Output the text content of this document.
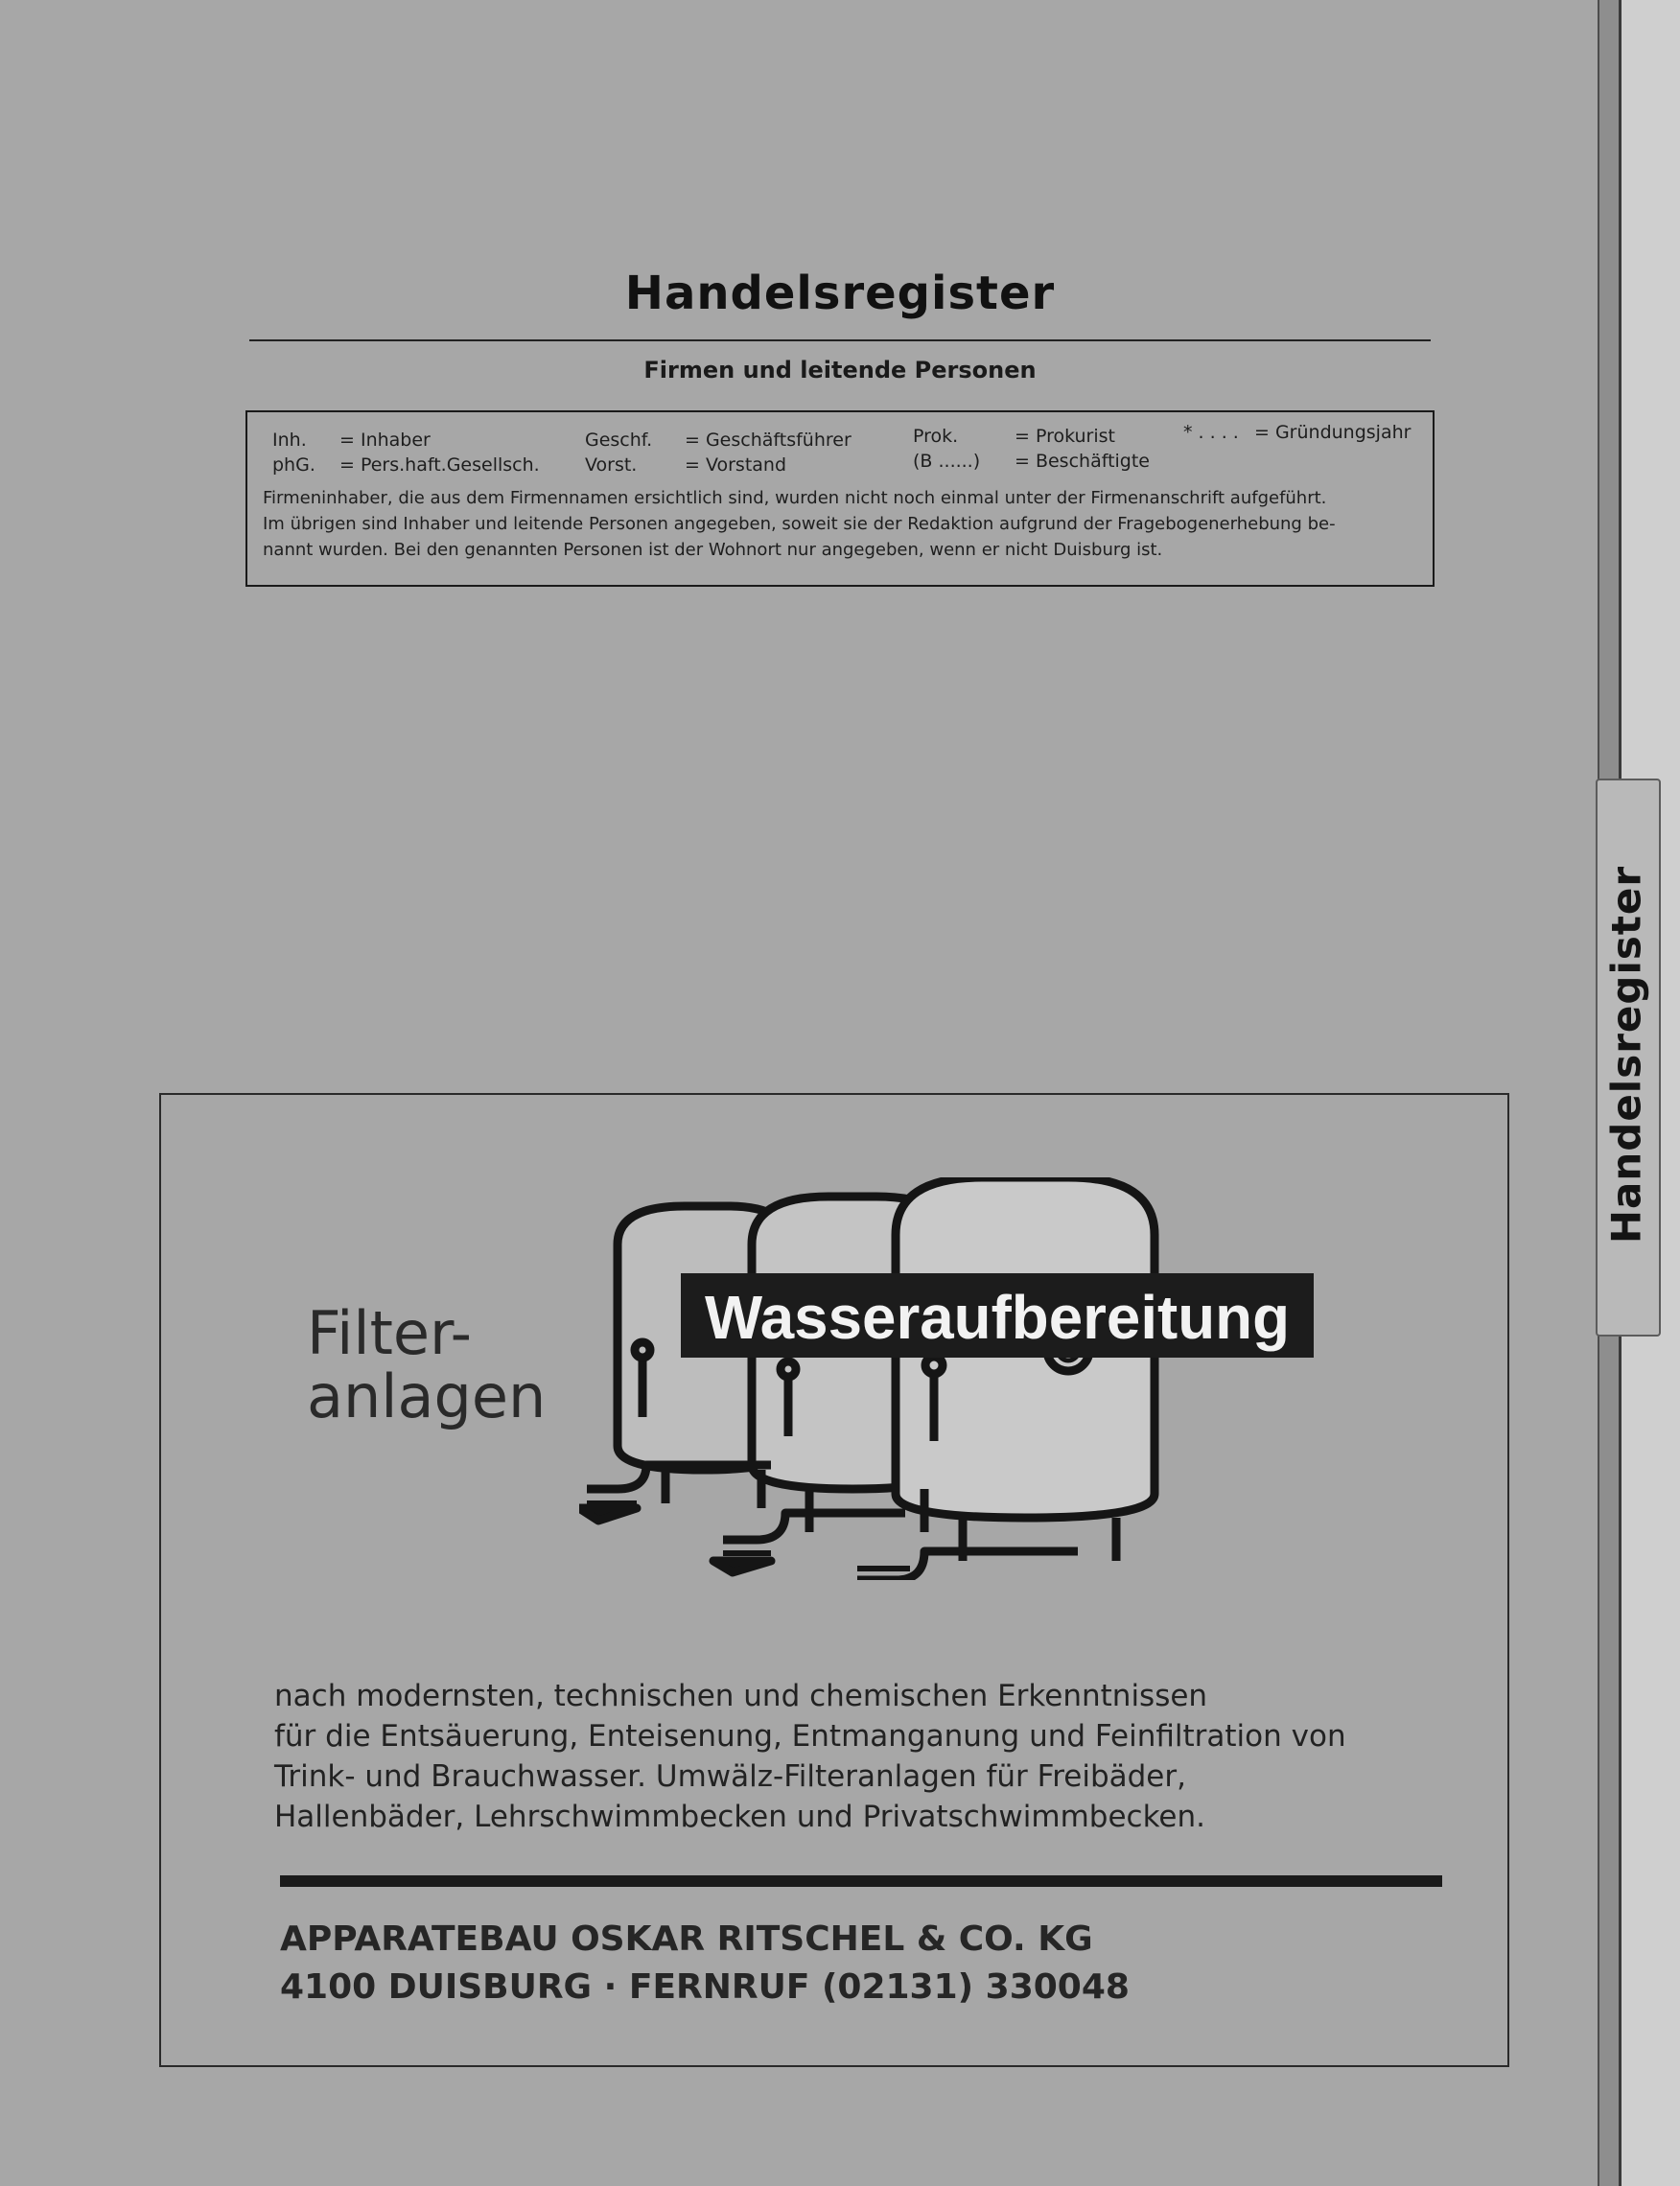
Handelsregister
Firmen und leitende Personen
Inh. = Inhaber
phG. = Pers.haft.Gesellsch.
Geschf. = Geschäftsführer
Vorst.	= Vorstand
Prok.	= Prokurist
(B ......) = Beschäftigte
* . . . . = Gründungsjahr
Firmeninhaber, die aus dem Firmennamen ersichtlich sind, wurden nicht noch einmal unter der Firmenanschrift aufgeführt.
Im übrigen sind Inhaber und leitende Personen angegeben, soweit sie der Redaktion aufgrund der Fragebogenerhebung be-
nannt wurden. Bei den genannten Personen ist der Wohnort nur angegeben, wenn er nicht Duisburg ist.
Filter-
anlagen
Wasseraufbereitung
nach modernsten, technischen und chemischen Erkenntnissen
für die Entsäuerung, Enteisenung, Entmanganung und Feinfiltration von
Trink- und Brauchwasser. Umwälz-Filteranlagen für Freibäder,
Hallenbäder, Lehrschwimmbecken und Privatschwimmbecken.
APPARATEBAU OSKAR RITSCHEL & CO. KG
4100 DUISBURG · FERNRUF (02131) 330048
Handelsregister
